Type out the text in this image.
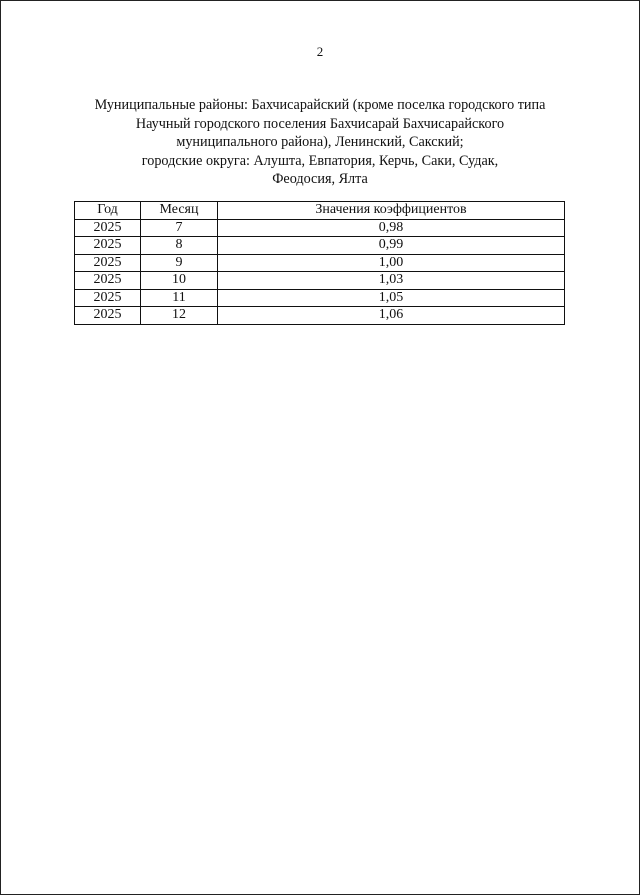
2
Муниципальные районы: Бахчисарайский (кроме поселка городского типа
Научный городского поселения Бахчисарай Бахчисарайского
муниципального района), Ленинский, Сакский;
городские округа: Алушта, Евпатория, Керчь, Саки, Судак,
Феодосия, Ялта
Год	Месяц	Значения коэффициентов
2025	7	0,98
2025	8	0,99
2025	9	1,00
2025	10	1,03
2025	11	1,05
2025	12	1,06
